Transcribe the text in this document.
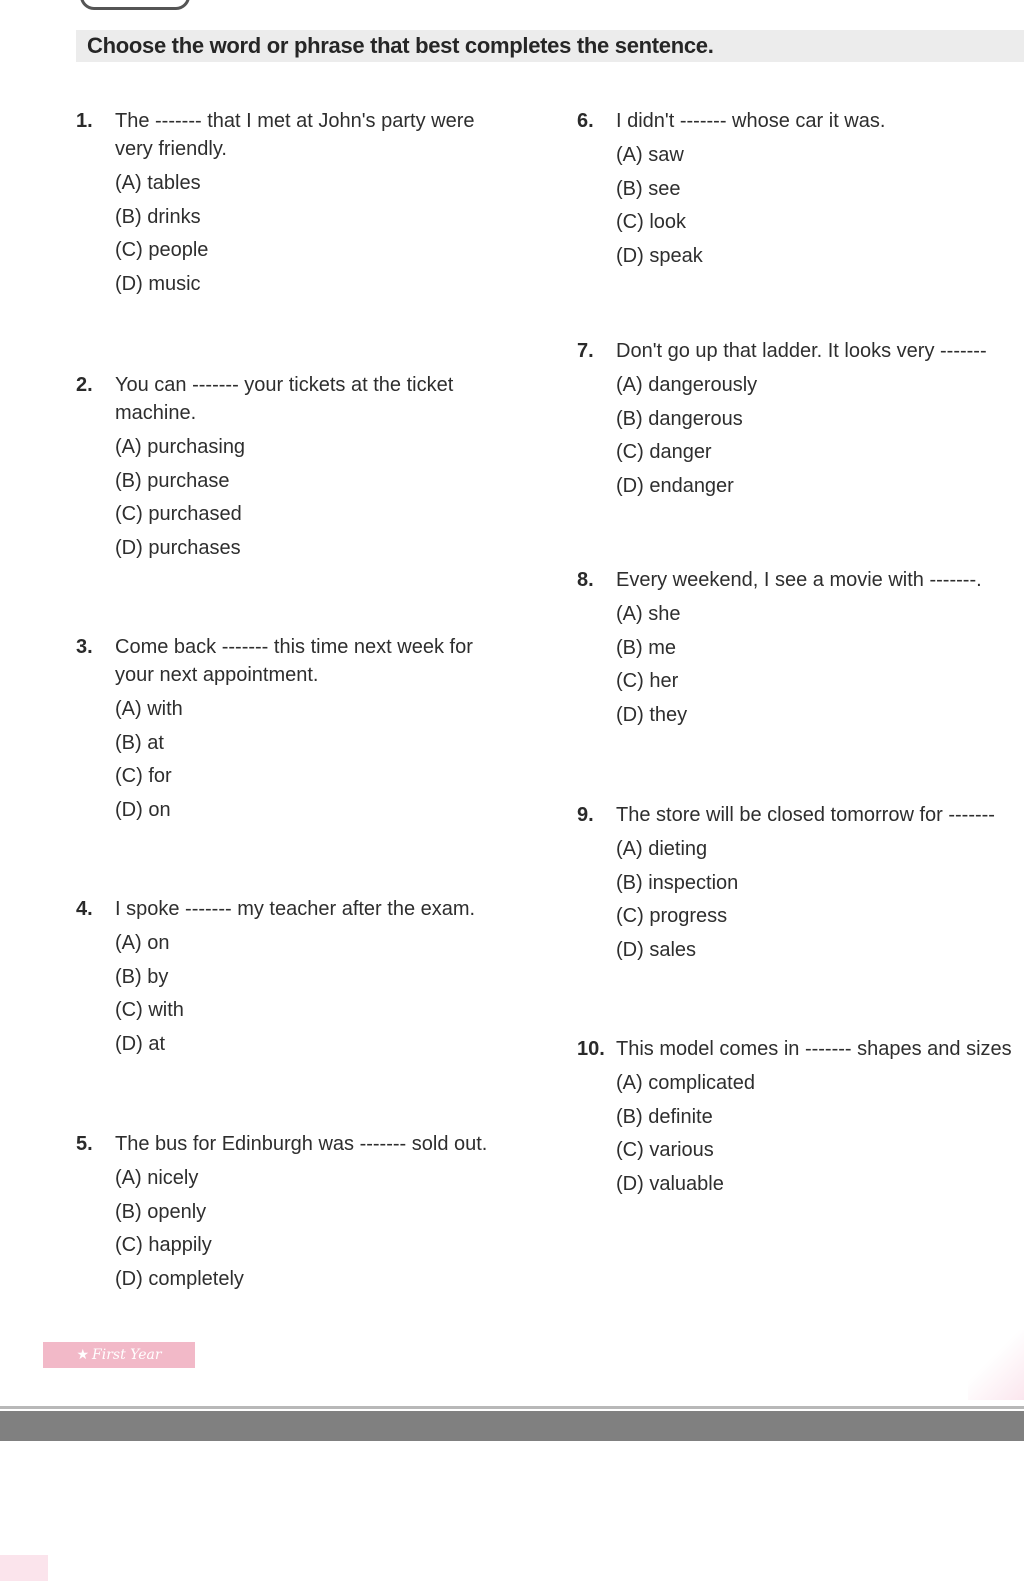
Choose the word or phrase that best completes the sentence.
1.	The ------- that I met at John's party were
very friendly.
(A) tables
(B) drinks
(C) people
(D) music
2.	You can ------- your tickets at the ticket
machine.
(A) purchasing
(B) purchase
(C) purchased
(D) purchases
3.	Come back ------- this time next week for
your next appointment.
(A) with
(B) at
(C) for
(D) on
4.	I spoke ------- my teacher after the exam.
(A) on
(B) by
(C) with
(D) at
5.	The bus for Edinburgh was ------- sold out.
(A) nicely
(B) openly
(C) happily
(D) completely
6.	I didn't ------- whose car it was.
(A) saw
(B) see
(C) look
(D) speak
7.	Don't go up that ladder. It looks very -------
(A) dangerously
(B) dangerous
(C) danger
(D) endanger
8.	Every weekend, I see a movie with -------.
(A) she
(B) me
(C) her
(D) they
9.	The store will be closed tomorrow for -------
(A) dieting
(B) inspection
(C) progress
(D) sales
10. This model comes in ------- shapes and sizes
(A) complicated
(B) definite
(C) various
(D) valuable
★ First Year
